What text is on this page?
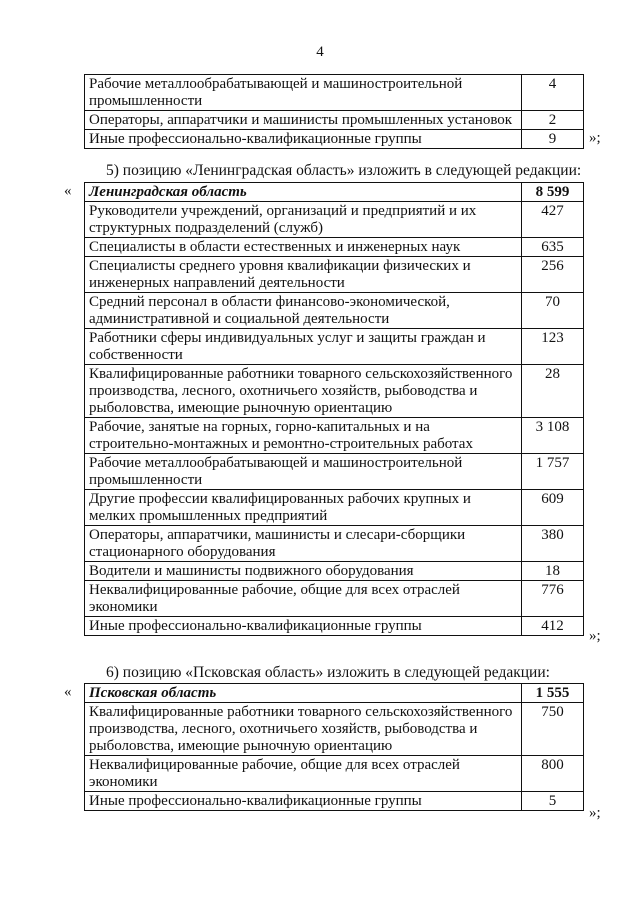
4
Рабочие металлообрабатывающей и машиностроительной промышленности	4
Операторы, аппаратчики и машинисты промышленных установок	2
Иные профессионально-квалификационные группы	9 »;
5) позицию «Ленинградская область» изложить в следующей редакции:
« Ленинградская область	8 599
Руководители учреждений, организаций и предприятий и их структурных подразделений (служб)	427
Специалисты в области естественных и инженерных наук	635
Специалисты среднего уровня квалификации физических и инженерных направлений деятельности	256
Средний персонал в области финансово-экономической, административной и социальной деятельности	70
Работники сферы индивидуальных услуг и защиты граждан и собственности	123
Квалифицированные работники товарного сельскохозяйственного производства, лесного, охотничьего хозяйств, рыбоводства и рыболовства, имеющие рыночную ориентацию	28
Рабочие, занятые на горных, горно-капитальных и на строительно-монтажных и ремонтно-строительных работах	3 108
Рабочие металлообрабатывающей и машиностроительной промышленности	1 757
Другие профессии квалифицированных рабочих крупных и мелких промышленных предприятий	609
Операторы, аппаратчики, машинисты и слесари-сборщики стационарного оборудования	380
Водители и машинисты подвижного оборудования	18
Неквалифицированные рабочие, общие для всех отраслей экономики	776
Иные профессионально-квалификационные группы	412
»;
6) позицию «Псковская область» изложить в следующей редакции:
« Псковская область	1 555
Квалифицированные работники товарного сельскохозяйственного производства, лесного, охотничьего хозяйств, рыбоводства и рыболовства, имеющие рыночную ориентацию	750
Неквалифицированные рабочие, общие для всех отраслей экономики	800
Иные профессионально-квалификационные группы	5
»;
